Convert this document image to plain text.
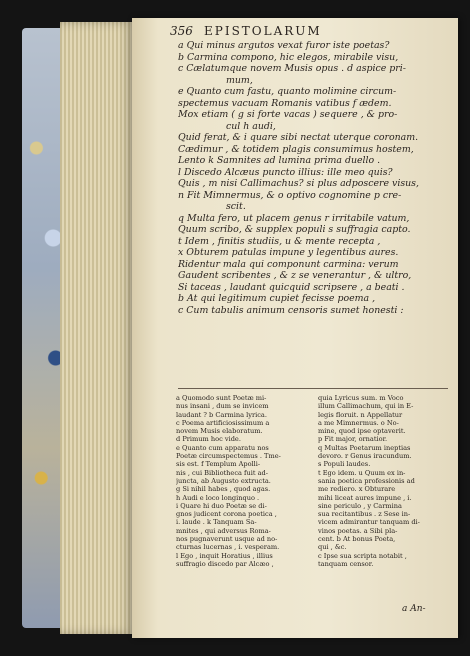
356 EPISTOLARUM
a Qui minus argutos vexat furor iste poetas?
b Carmina compono, hic elegos, mirabile visu,
c Cælatumque novem Musis opus . d aspice pri-
mum,
e Quanto cum fastu, quanto molimine circum-
spectemus vacuam Romanis vatibus f ædem.
Mox etiam ( g si forte vacas ) sequere , & pro-
cul h audi,
Quid ferat, & i quare sibi nectat uterque coronam.
Cædimur , & totidem plagis consumimus hostem,
Lento k Samnites ad lumina prima duello .
l Discedo Alcæus puncto illius: ille meo quis?
Quis , m nisi Callimachus? si plus adposcere visus,
n Fit Mimnermus, & o optivo cognomine p cre-
scit.
q Multa fero, ut placem genus r irritabile vatum,
Quum scribo, & supplex populi s suffragia capto.
t Idem , finitis studiis, u & mente recepta ,
x Obturem patulas impune y legentibus aures.
Ridentur mala qui componunt carmina: verum
Gaudent scribentes , & z se venerantur , & ultro,
Si taceas , laudant quicquid scripsere , a beati .
b At qui legitimum cupiet fecisse poema ,
c Cum tabulis animum censoris sumet honesti :
a Quomodo sunt Poetæ mi-
nus insani , dum se invicem
laudant ? b Carmina lyrica.
c Poema artificiosissimum a
novem Musis elaboratum.
d Primum hoc vide.
e Quanto cum apparatu nos
Poetæ circumspectemus . Tme-
sis est. f Templum Apolli-
nis , cui Bibliotheca fuit ad-
juncta, ab Augusto extructa.
g Si nihil habes , quod agas.
h Audi e loco longinquo .
i Quare hi duo Poetæ se di-
gnos judicent corona poetica ,
i. laude . k Tanquam Sa-
mnites , qui adversus Roma-
nos pugnaverunt usque ad no-
cturnas lucernas , i. vesperam.
l Ego , inquit Horatius , illius
suffragio discedo par Alcæo ,
quia Lyricus sum. m Voco
illum Callimachum, qui in E-
legis floruit. n Appellatur
a me Mimnermus. o No-
mine, quod ipse optaverit.
p Fit major, ornatior.
q Multas Poetarum ineptias
devoro. r Genus iracundum.
s Populi laudes.
t Ego idem. u Quum ex in-
sania poetica professionis ad
me rediero. x Obturare
mihi liceat aures impune , i.
sine periculo , y Carmina
sua recitantibus . z Sese in-
vicem admirantur tanquam di-
vinos poetas. a Sibi pla-
cent. b At bonus Poeta,
qui , &c.
c Ipse sua scripta notabit ,
tanquam censor.
a An-
